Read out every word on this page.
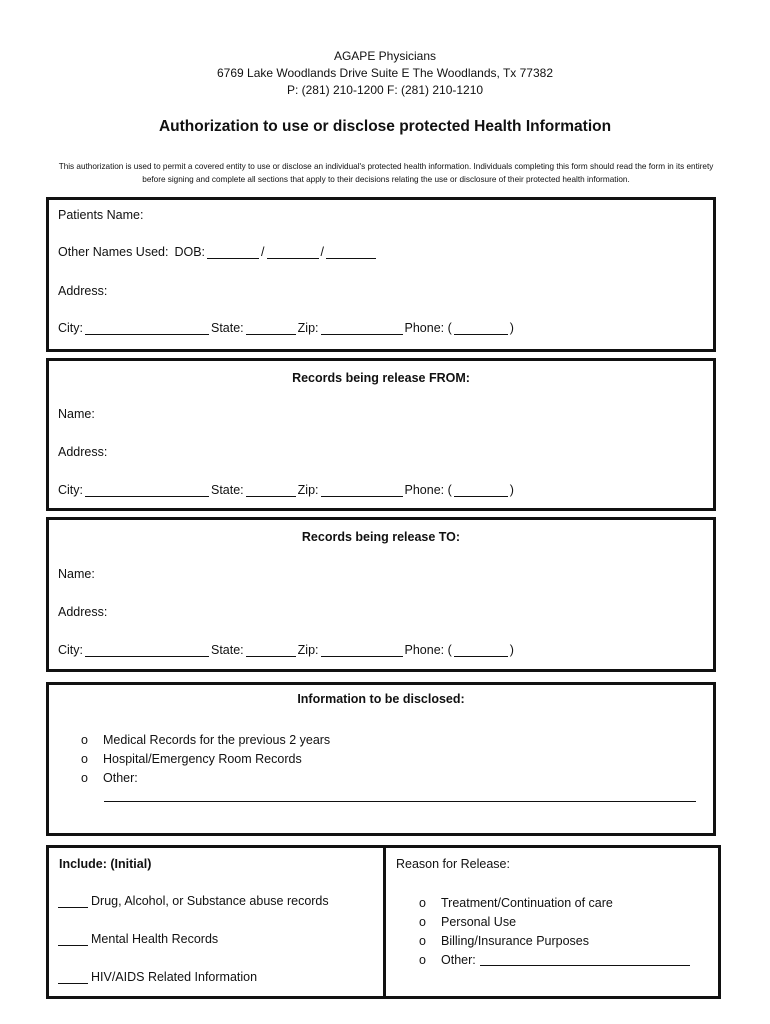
AGAPE Physicians
6769 Lake Woodlands Drive Suite E The Woodlands, Tx 77382
P: (281) 210-1200 F: (281) 210-1210
Authorization to use or disclose protected Health Information
This authorization is used to permit a covered entity to use or disclose an individual's protected health information. Individuals completing this form should read the form in its entirety before signing and complete all sections that apply to their decisions relating the use or disclosure of their protected health information.
Patients Name:
Other Names Used: DOB:	/	/
Address:
City:	State:	Zip:	Phone: (	)
Records being release FROM:
Name:
Address:
City:	State:	Zip:	Phone: (	)
Records being release TO:
Name:
Address:
City:	State:	Zip:	Phone: (	)
Information to be disclosed:
o	Medical Records for the previous 2 years
o	Hospital/Emergency Room Records
o	Other:
Include: (Initial)
Drug, Alcohol, or Substance abuse records
Mental Health Records
HIV/AIDS Related Information
Reason for Release:
o	Treatment/Continuation of care
o	Personal Use
o	Billing/Insurance Purposes
o	Other:
